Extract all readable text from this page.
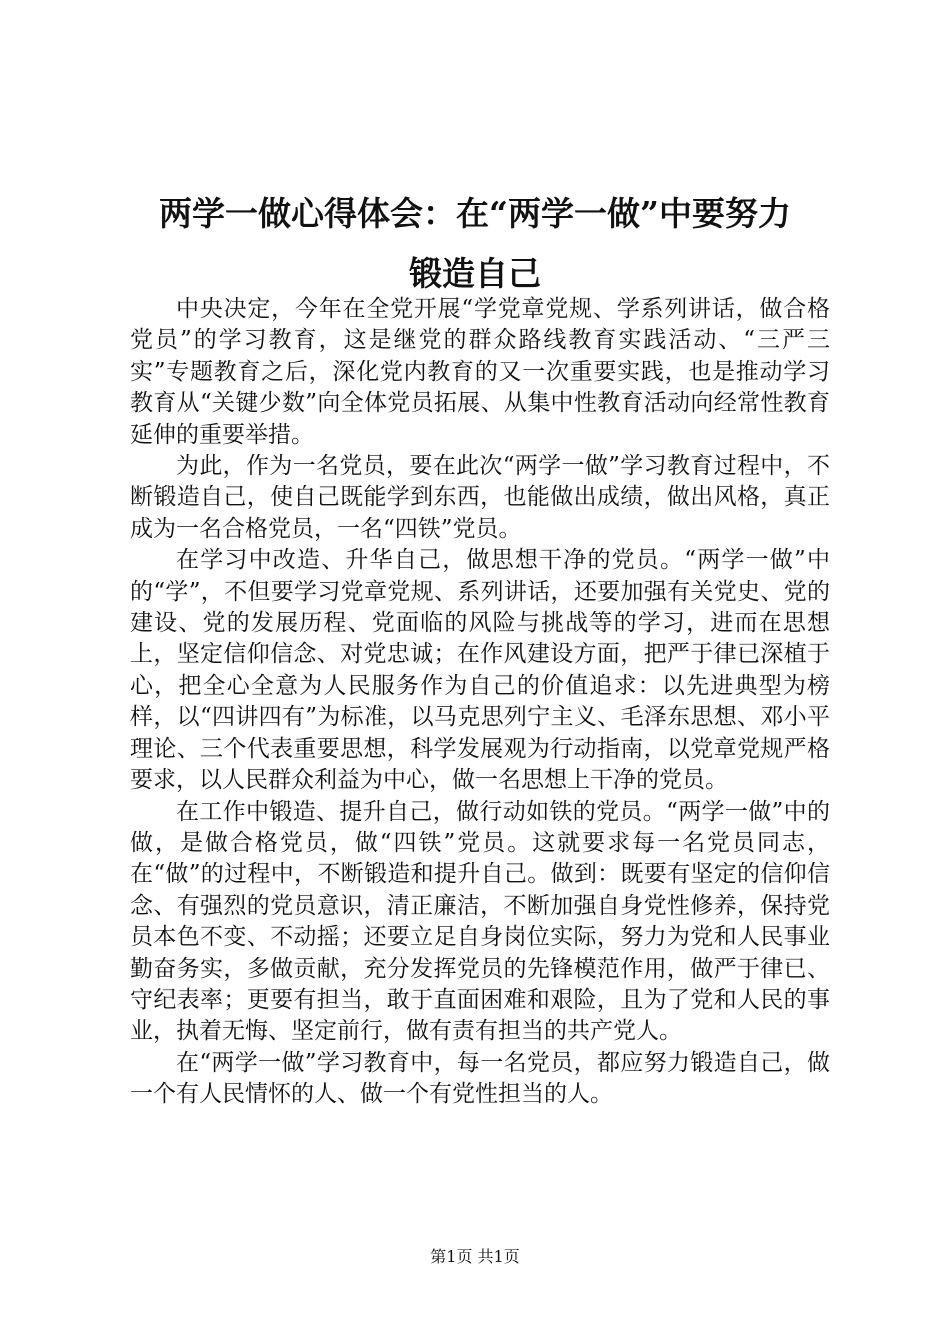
两学一做心得体会：在“两学一做”中要努力
锻造自己

中央决定，今年在全党开展“学党章党规、学系列讲话，做合格党员”的学习教育，这是继党的群众路线教育实践活动、“三严三实”专题教育之后，深化党内教育的又一次重要实践，也是推动学习教育从“关键少数”向全体党员拓展、从集中性教育活动向经常性教育延伸的重要举措。

为此，作为一名党员，要在此次“两学一做”学习教育过程中，不断锻造自己，使自己既能学到东西，也能做出成绩，做出风格，真正成为一名合格党员，一名“四铁”党员。

在学习中改造、升华自己，做思想干净的党员。“两学一做”中的“学”，不但要学习党章党规、系列讲话，还要加强有关党史、党的建设、党的发展历程、党面临的风险与挑战等的学习，进而在思想上，坚定信仰信念、对党忠诚；在作风建设方面，把严于律已深植于心，把全心全意为人民服务作为自己的价值追求：以先进典型为榜样，以“四讲四有”为标准，以马克思列宁主义、毛泽东思想、邓小平理论、三个代表重要思想，科学发展观为行动指南，以党章党规严格要求，以人民群众利益为中心，做一名思想上干净的党员。

在工作中锻造、提升自己，做行动如铁的党员。“两学一做”中的做，是做合格党员，做“四铁”党员。这就要求每一名党员同志，在“做”的过程中，不断锻造和提升自己。做到：既要有坚定的信仰信念、有强烈的党员意识，清正廉洁，不断加强自身党性修养，保持党员本色不变、不动摇；还要立足自身岗位实际，努力为党和人民事业勤奋务实，多做贡献，充分发挥党员的先锋模范作用，做严于律已、守纪表率；更要有担当，敢于直面困难和艰险，且为了党和人民的事业，执着无悔、坚定前行，做有责有担当的共产党人。

在“两学一做”学习教育中，每一名党员，都应努力锻造自己，做一个有人民情怀的人、做一个有党性担当的人。

第1页 共1页
